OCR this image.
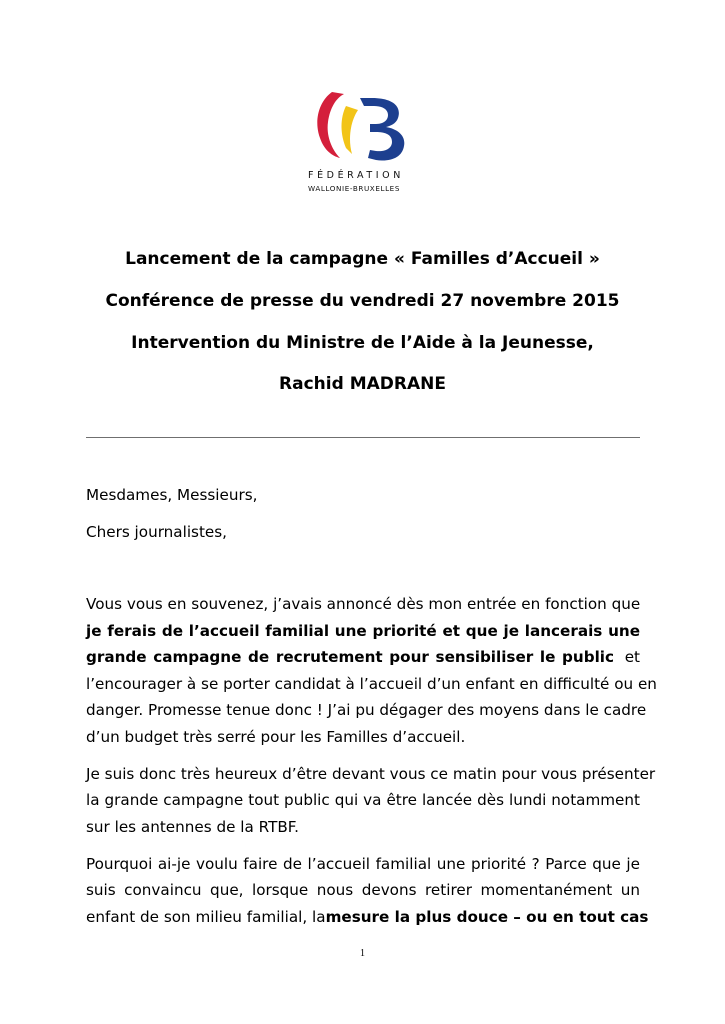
FÉDÉRATION
WALLONIE-BRUXELLES
Lancement de la campagne « Familles d’Accueil »
Conférence de presse du vendredi 27 novembre 2015
Intervention du Ministre de l’Aide à la Jeunesse,
Rachid MADRANE
Mesdames, Messieurs,
Chers journalistes,
Vous vous en souvenez, j’avais annoncé dès mon entrée en fonction que
je ferais de l’accueil familial une priorité et que je lancerais une
grande campagne de recrutement pour sensibiliser le public et
l’encourager à se porter candidat à l’accueil d’un enfant en difficulté ou en
danger. Promesse tenue donc ! J’ai pu dégager des moyens dans le cadre
d’un budget très serré pour les Familles d’accueil.
Je suis donc très heureux d’être devant vous ce matin pour vous présenter
la grande campagne tout public qui va être lancée dès lundi notamment
sur les antennes de la RTBF.
Pourquoi ai-je voulu faire de l’accueil familial une priorité ? Parce que je
suis convaincu que, lorsque nous devons retirer momentanément un
enfant de son milieu familial, la mesure la plus douce – ou en tout cas
1
